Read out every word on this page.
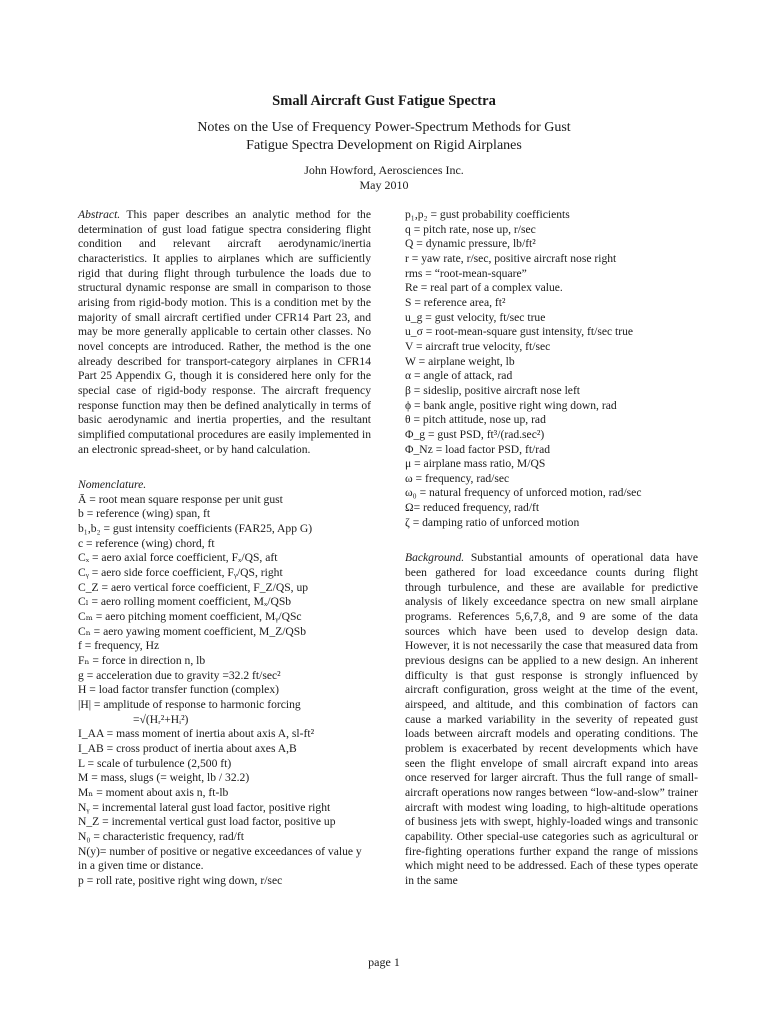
Small Aircraft Gust Fatigue Spectra

Notes on the Use of Frequency Power-Spectrum Methods for Gust
Fatigue Spectra Development on Rigid Airplanes

John Howford, Aerosciences Inc.
May 2010

Abstract. This paper describes an analytic method for the determination of gust load fatigue spectra considering flight condition and relevant aircraft aerodynamic/inertia characteristics. It applies to airplanes which are sufficiently rigid that during flight through turbulence the loads due to structural dynamic response are small in comparison to those arising from rigid-body motion. This is a condition met by the majority of small aircraft certified under CFR14 Part 23, and may be more generally applicable to certain other classes. No novel concepts are introduced. Rather, the method is the one already described for transport-category airplanes in CFR14 Part 25 Appendix G, though it is considered here only for the special case of rigid-body response. The aircraft frequency response function may then be defined analytically in terms of basic aerodynamic and inertia properties, and the resultant simplified computational procedures are easily implemented in an electronic spread-sheet, or by hand calculation.

Nomenclature.
Ā = root mean square response per unit gust
b = reference (wing) span, ft
b₁,b₂ = gust intensity coefficients (FAR25, App G)
c = reference (wing) chord, ft
Cₓ = aero axial force coefficient, Fₓ/QS, aft
Cᵧ = aero side force coefficient, Fᵧ/QS, right
C_Z = aero vertical force coefficient, F_Z/QS, up
Cₗ = aero rolling moment coefficient, Mₓ/QSb
Cₘ = aero pitching moment coefficient, Mᵧ/QSc
Cₙ = aero yawing moment coefficient, M_Z/QSb
f = frequency, Hz
Fₙ = force in direction n, lb
g = acceleration due to gravity =32.2 ft/sec²
H = load factor transfer function (complex)
|H| = amplitude of response to harmonic forcing
=√(Hᵣ²+Hᵢ²)
I_AA = mass moment of inertia about axis A, sl-ft²
I_AB = cross product of inertia about axes A,B
L = scale of turbulence (2,500 ft)
M = mass, slugs (= weight, lb / 32.2)
Mₙ = moment about axis n, ft-lb
Nᵧ = incremental lateral gust load factor, positive right
N_Z = incremental vertical gust load factor, positive up
N₀ = characteristic frequency, rad/ft
N(y)= number of positive or negative exceedances of value y in a given time or distance.
p = roll rate, positive right wing down, r/sec
p₁,p₂ = gust probability coefficients
q = pitch rate, nose up, r/sec
Q = dynamic pressure, lb/ft²
r = yaw rate, r/sec, positive aircraft nose right
rms = “root-mean-square”
Re = real part of a complex value.
S = reference area, ft²
u_g = gust velocity, ft/sec true
u_σ = root-mean-square gust intensity, ft/sec true
V = aircraft true velocity, ft/sec
W = airplane weight, lb
α = angle of attack, rad
β = sideslip, positive aircraft nose left
ϕ = bank angle, positive right wing down, rad
θ = pitch attitude, nose up, rad
Φ_g = gust PSD, ft³/(rad.sec²)
Φ_Nz = load factor PSD, ft/rad
μ = airplane mass ratio, M/QS
ω = frequency, rad/sec
ω₀ = natural frequency of unforced motion, rad/sec
Ω= reduced frequency, rad/ft
ζ = damping ratio of unforced motion

Background. Substantial amounts of operational data have been gathered for load exceedance counts during flight through turbulence, and these are available for predictive analysis of likely exceedance spectra on new small airplane programs. References 5,6,7,8, and 9 are some of the data sources which have been used to develop design data. However, it is not necessarily the case that measured data from previous designs can be applied to a new design. An inherent difficulty is that gust response is strongly influenced by aircraft configuration, gross weight at the time of the event, airspeed, and altitude, and this combination of factors can cause a marked variability in the severity of repeated gust loads between aircraft models and operating conditions. The problem is exacerbated by recent developments which have seen the flight envelope of small aircraft expand into areas once reserved for larger aircraft. Thus the full range of small-aircraft operations now ranges between “low-and-slow” trainer aircraft with modest wing loading, to high-altitude operations of business jets with swept, highly-loaded wings and transonic capability. Other special-use categories such as agricultural or fire-fighting operations further expand the range of missions which might need to be addressed. Each of these types operate in the same

page 1
